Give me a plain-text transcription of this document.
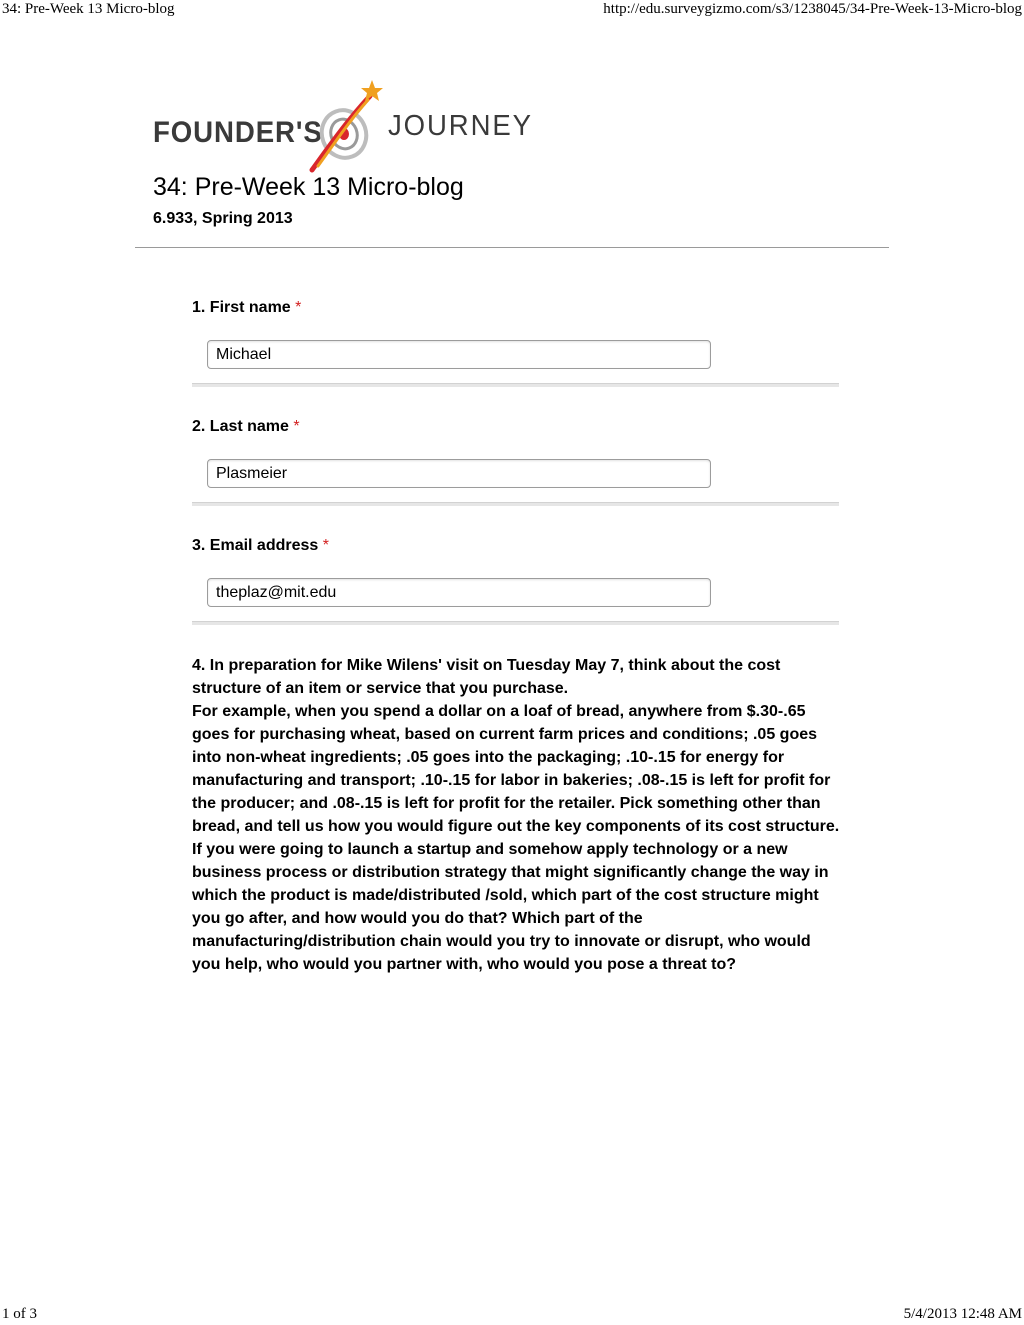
34: Pre-Week 13 Micro-blog	http://edu.surveygizmo.com/s3/1238045/34-Pre-Week-13-Micro-blog
FOUNDER'S JOURNEY
34: Pre-Week 13 Micro-blog
6.933, Spring 2013
1. First name *
Michael
2. Last name *
Plasmeier
3. Email address *
theplaz@mit.edu

4. In preparation for Mike Wilens' visit on Tuesday May 7, think about the cost structure of an item or service that you purchase.

For example, when you spend a dollar on a loaf of bread, anywhere from $.30-.65 goes for purchasing wheat, based on current farm prices and conditions; .05 goes into non-wheat ingredients; .05 goes into the packaging; .10-.15 for energy for manufacturing and transport; .10-.15 for labor in bakeries; .08-.15 is left for profit for the producer; and .08-.15 is left for profit for the retailer. Pick something other than bread, and tell us how you would figure out the key components of its cost structure. If you were going to launch a startup and somehow apply technology or a new business process or distribution strategy that might significantly change the way in which the product is made/distributed /sold, which part of the cost structure might you go after, and how would you do that? Which part of the manufacturing/distribution chain would you try to innovate or disrupt, who would you help, who would you partner with, who would you pose a threat to?

1 of 3	5/4/2013 12:48 AM
